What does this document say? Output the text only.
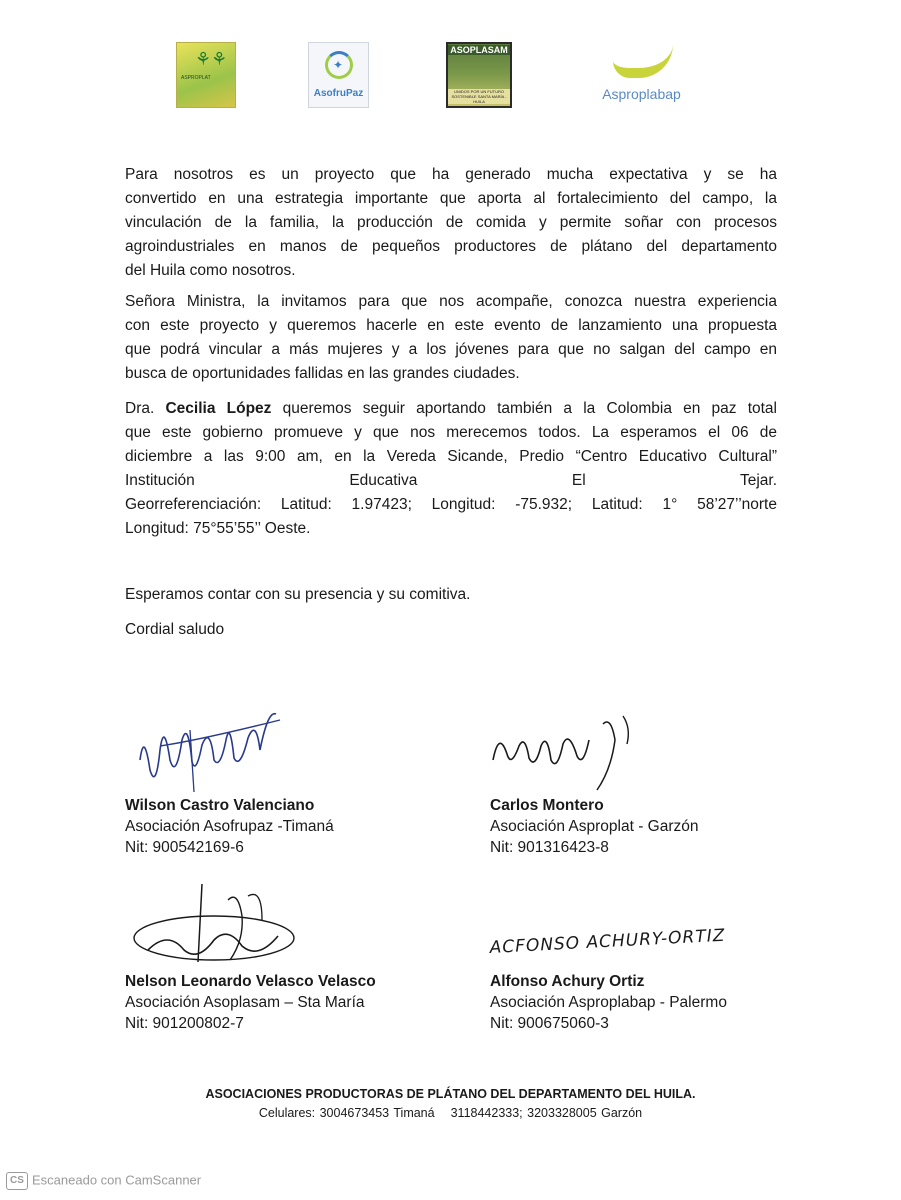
⚘⚘
ASPROPLAT
✦
AsofruPaz
ASOPLASAM
UNIDOS POR UN FUTURO SOSTENIBLE SANTA MARÍA - HUILA	Asproplabap
Para nosotros es un proyecto que ha generado mucha expectativa y se ha
convertido en una estrategia importante que aporta al fortalecimiento del campo, la
vinculación de la familia, la producción de comida y permite soñar con procesos
agroindustriales en manos de pequeños productores de plátano del departamento
del Huila como nosotros.
Señora Ministra, la invitamos para que nos acompañe, conozca nuestra experiencia
con este proyecto y queremos hacerle en este evento de lanzamiento una propuesta
que podrá vincular a más mujeres y a los jóvenes para que no salgan del campo en
busca de oportunidades fallidas en las grandes ciudades.
Dra. Cecilia López queremos seguir aportando también a la Colombia en paz total
que este gobierno promueve y que nos merecemos todos. La esperamos el 06 de
diciembre a las 9:00 am, en la Vereda Sicande, Predio “Centro Educativo Cultural”
Institución Educativa El Tejar.
Georreferenciación: Latitud: 1.97423; Longitud: -75.932; Latitud: 1° 58’27’’norte
Longitud: 75°55’55’’ Oeste.

Esperamos contar con su presencia y su comitiva.

Cordial saludo

Wilson Castro Valenciano

Asociación Asofrupaz -Timaná

Nit: 900542169-6

Carlos Montero

Asociación Asproplat - Garzón

Nit: 901316423-8

Nelson Leonardo Velasco Velasco

Asociación Asoplasam – Sta María

Nit: 901200802-7

ACFONSO ACHURY-ORTIZ

Alfonso Achury Ortiz

Asociación Asproplabap - Palermo

Nit: 900675060-3

ASOCIACIONES PRODUCTORAS DE PLÁTANO DEL DEPARTAMENTO DEL HUILA.

Celulares: 3004673453 Timaná 3118442333; 3203328005 Garzón

CS Escaneado con CamScanner
